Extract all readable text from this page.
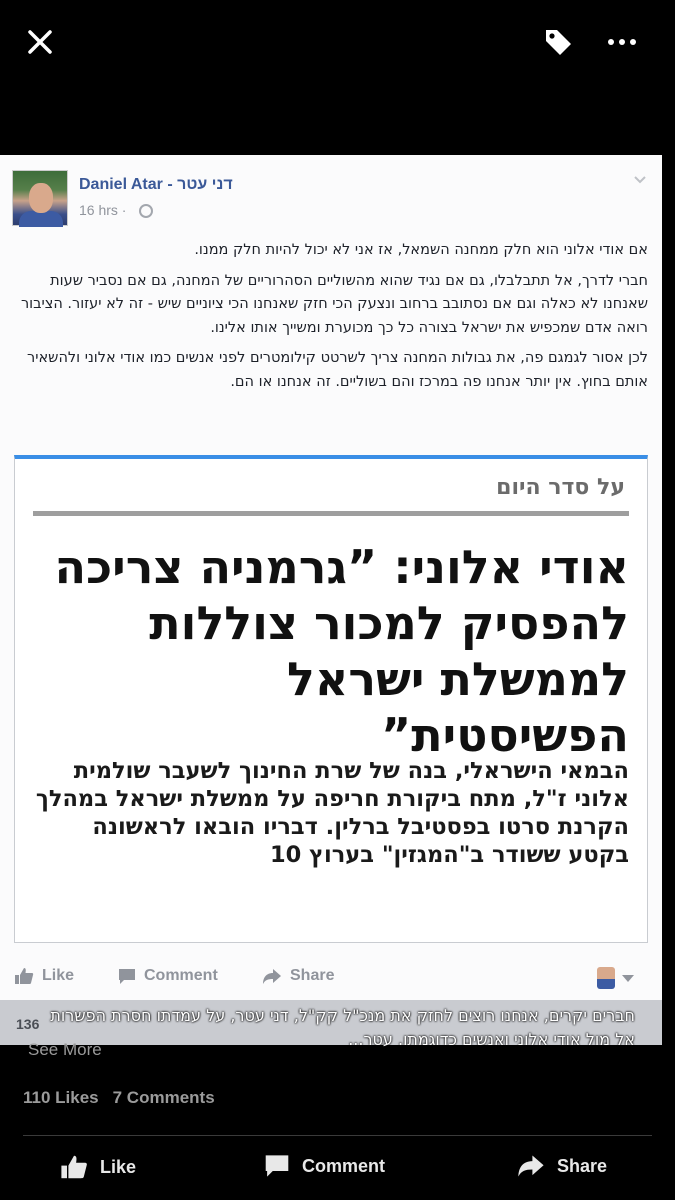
Daniel Atar - דני עטר
16 hrs ·

אם אודי אלוני הוא חלק ממחנה השמאל, אז אני לא יכול להיות חלק ממנו.

חברי לדרך, אל תתבלבלו, גם אם נגיד שהוא מהשוליים הסהרוריים של המחנה, גם אם נסביר שעות שאנחנו לא כאלה וגם אם נסתובב ברחוב ונצעק הכי חזק שאנחנו הכי ציוניים שיש - זה לא יעזור. הציבור רואה אדם שמכפיש את ישראל בצורה כל כך מכוערת ומשייך אותו אלינו.

לכן אסור לגמגם פה, את גבולות המחנה צריך לשרטט קילומטרים לפני אנשים כמו אודי אלוני ולהשאיר אותם בחוץ. אין יותר אנחנו פה במרכז והם בשוליים. זה אנחנו או הם.

על סדר היום
אודי אלוני: ”גרמניה צריכה להפסיק למכור צוללות לממשלת ישראל הפשיסטית”
הבמאי הישראלי, בנה של שרת החינוך לשעבר שולמית אלוני ז"ל, מתח ביקורת חריפה על ממשלת ישראל במהלך הקרנת סרטו בפסטיבל ברלין. דבריו הובאו לראשונה בקטע ששודר ב"המגזין" בערוץ 10
Like	Comment	Share
136 חברים יקרים, אנחנו רוצים לחזק את מנכ"ל קק"ל, דני עטר, על עמדתו חסרת הפשרות אל מול אודי אלוני ואנשים כדוגמתו. עטר...
See More
110 Likes 7 Comments
Like	Comment	Share
